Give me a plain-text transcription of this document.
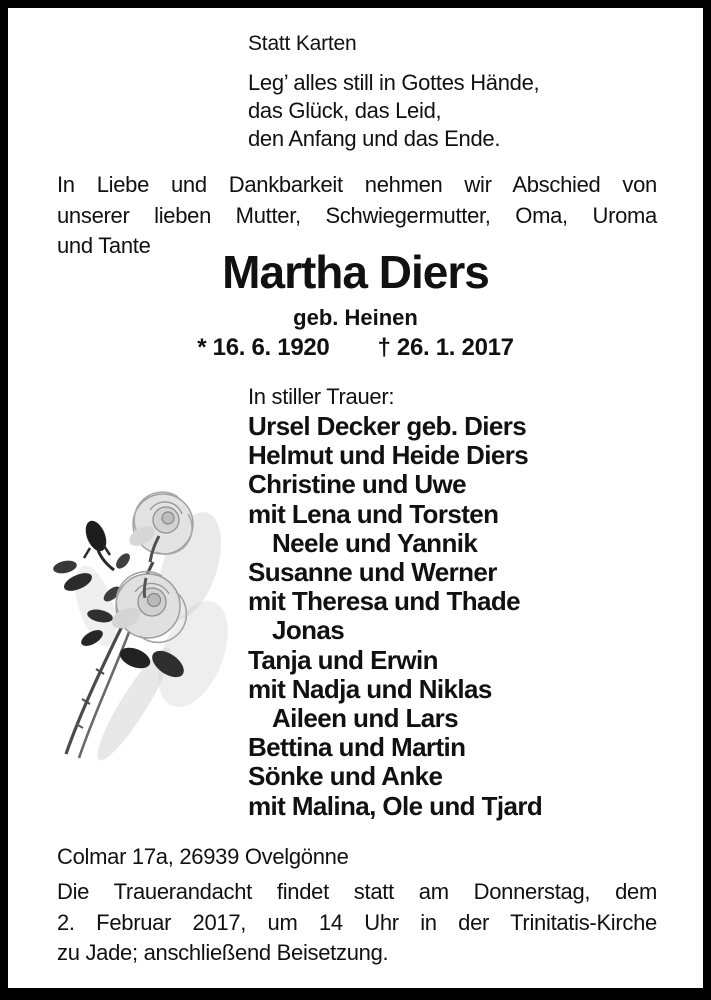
Statt Karten
Leg’ alles still in Gottes Hände,
das Glück, das Leid,
den Anfang und das Ende.
In Liebe und Dankbarkeit nehmen wir Abschied von
unserer lieben Mutter, Schwiegermutter, Oma, Uroma
und Tante
Martha Diers
geb. Heinen
* 16. 6. 1920 † 26. 1. 2017
In stiller Trauer:
Ursel Decker geb. Diers
Helmut und Heide Diers
Christine und Uwe
mit Lena und Torsten
Neele und Yannik
Susanne und Werner
mit Theresa und Thade
Jonas
Tanja und Erwin
mit Nadja und Niklas
Aileen und Lars
Bettina und Martin
Sönke und Anke
mit Malina, Ole und Tjard
Colmar 17a, 26939 Ovelgönne
Die Trauerandacht findet statt am Donnerstag, dem
2. Februar 2017, um 14 Uhr in der Trinitatis-Kirche
zu Jade; anschließend Beisetzung.
